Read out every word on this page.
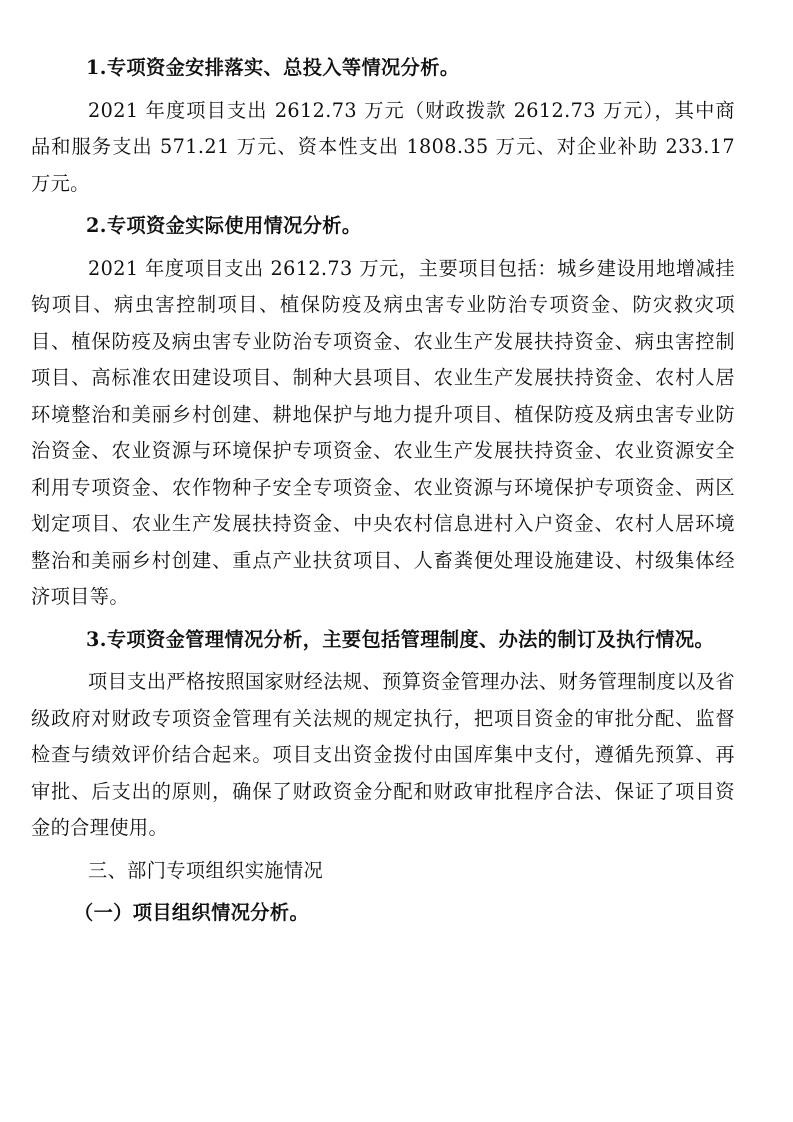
1.专项资金安排落实、总投入等情况分析。

2021 年度项目支出 2612.73 万元（财政拨款 2612.73 万元），其中商品和服务支出 571.21 万元、资本性支出 1808.35 万元、对企业补助 233.17 万元。

2.专项资金实际使用情况分析。

2021 年度项目支出 2612.73 万元，主要项目包括：城乡建设用地增减挂钩项目、病虫害控制项目、植保防疫及病虫害专业防治专项资金、防灾救灾项目、植保防疫及病虫害专业防治专项资金、农业生产发展扶持资金、病虫害控制项目、高标准农田建设项目、制种大县项目、农业生产发展扶持资金、农村人居环境整治和美丽乡村创建、耕地保护与地力提升项目、植保防疫及病虫害专业防治资金、农业资源与环境保护专项资金、农业生产发展扶持资金、农业资源安全利用专项资金、农作物种子安全专项资金、农业资源与环境保护专项资金、两区划定项目、农业生产发展扶持资金、中央农村信息进村入户资金、农村人居环境整治和美丽乡村创建、重点产业扶贫项目、人畜粪便处理设施建设、村级集体经济项目等。

3.专项资金管理情况分析，主要包括管理制度、办法的制订及执行情况。

项目支出严格按照国家财经法规、预算资金管理办法、财务管理制度以及省级政府对财政专项资金管理有关法规的规定执行，把项目资金的审批分配、监督检查与绩效评价结合起来。项目支出资金拨付由国库集中支付，遵循先预算、再审批、后支出的原则，确保了财政资金分配和财政审批程序合法、保证了项目资金的合理使用。

三、部门专项组织实施情况

（一）项目组织情况分析。
